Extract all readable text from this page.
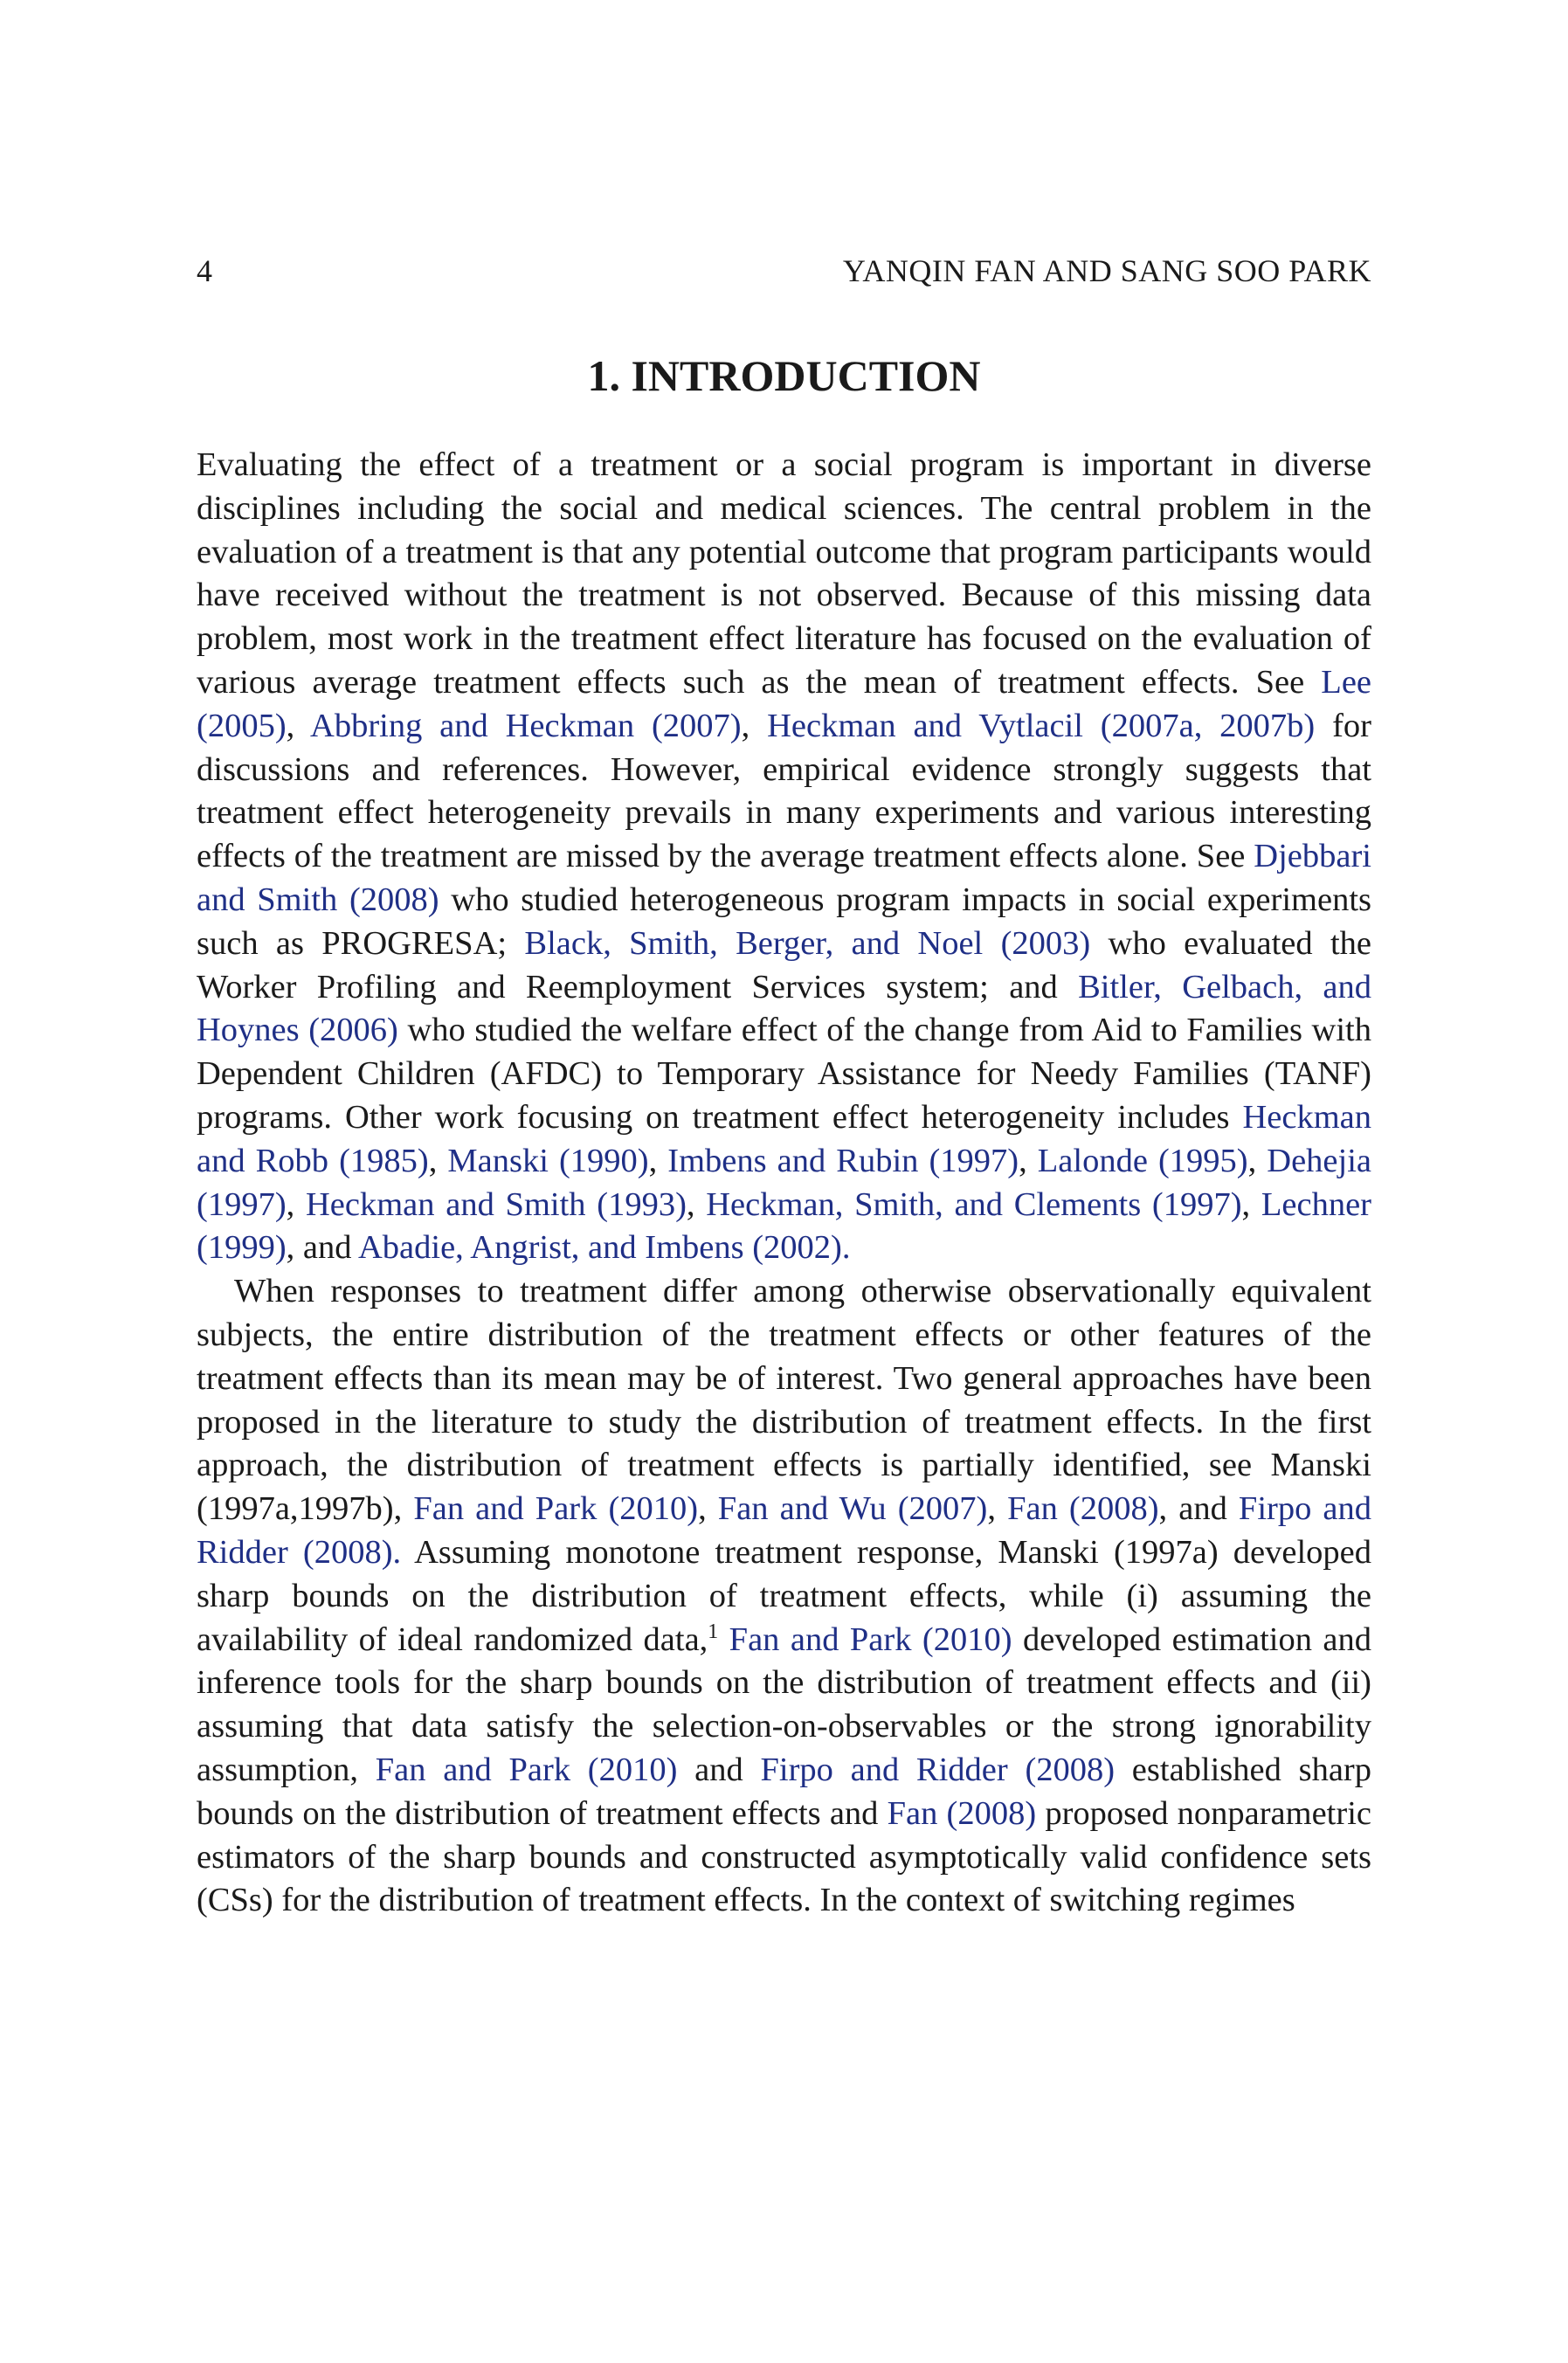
4	YANQIN FAN AND SANG SOO PARK
1. INTRODUCTION

Evaluating the effect of a treatment or a social program is important in diverse disciplines including the social and medical sciences. The central problem in the evaluation of a treatment is that any potential outcome that program participants would have received without the treatment is not observed. Because of this missing data problem, most work in the treatment effect literature has focused on the evaluation of various average treatment effects such as the mean of treatment effects. See Lee (2005), Abbring and Heckman (2007), Heckman and Vytlacil (2007a, 2007b) for discussions and references. However, empirical evidence strongly suggests that treatment effect heterogeneity prevails in many experiments and various interesting effects of the treatment are missed by the average treatment effects alone. See Djebbari and Smith (2008) who studied heterogeneous program impacts in social experiments such as PROGRESA; Black, Smith, Berger, and Noel (2003) who evaluated the Worker Profiling and Reemployment Services system; and Bitler, Gelbach, and Hoynes (2006) who studied the welfare effect of the change from Aid to Families with Dependent Children (AFDC) to Temporary Assistance for Needy Families (TANF) programs. Other work focusing on treatment effect heterogeneity includes Heckman and Robb (1985), Manski (1990), Imbens and Rubin (1997), Lalonde (1995), Dehejia (1997), Heckman and Smith (1993), Heckman, Smith, and Clements (1997), Lechner (1999), and Abadie, Angrist, and Imbens (2002).

When responses to treatment differ among otherwise observationally equivalent subjects, the entire distribution of the treatment effects or other features of the treatment effects than its mean may be of interest. Two general approaches have been proposed in the literature to study the distribution of treatment effects. In the first approach, the distribution of treatment effects is partially identified, see Manski (1997a,1997b), Fan and Park (2010), Fan and Wu (2007), Fan (2008), and Firpo and Ridder (2008). Assuming monotone treatment response, Manski (1997a) developed sharp bounds on the distribution of treatment effects, while (i) assuming the availability of ideal randomized data,$^1$ Fan and Park (2010) developed estimation and inference tools for the sharp bounds on the distribution of treatment effects and (ii) assuming that data satisfy the selection-on-observables or the strong ignorability assumption, Fan and Park (2010) and Firpo and Ridder (2008) established sharp bounds on the distribution of treatment effects and Fan (2008) proposed nonparametric estimators of the sharp bounds and constructed asymptotically valid confidence sets (CSs) for the distribution of treatment effects. In the context of switching regimes
